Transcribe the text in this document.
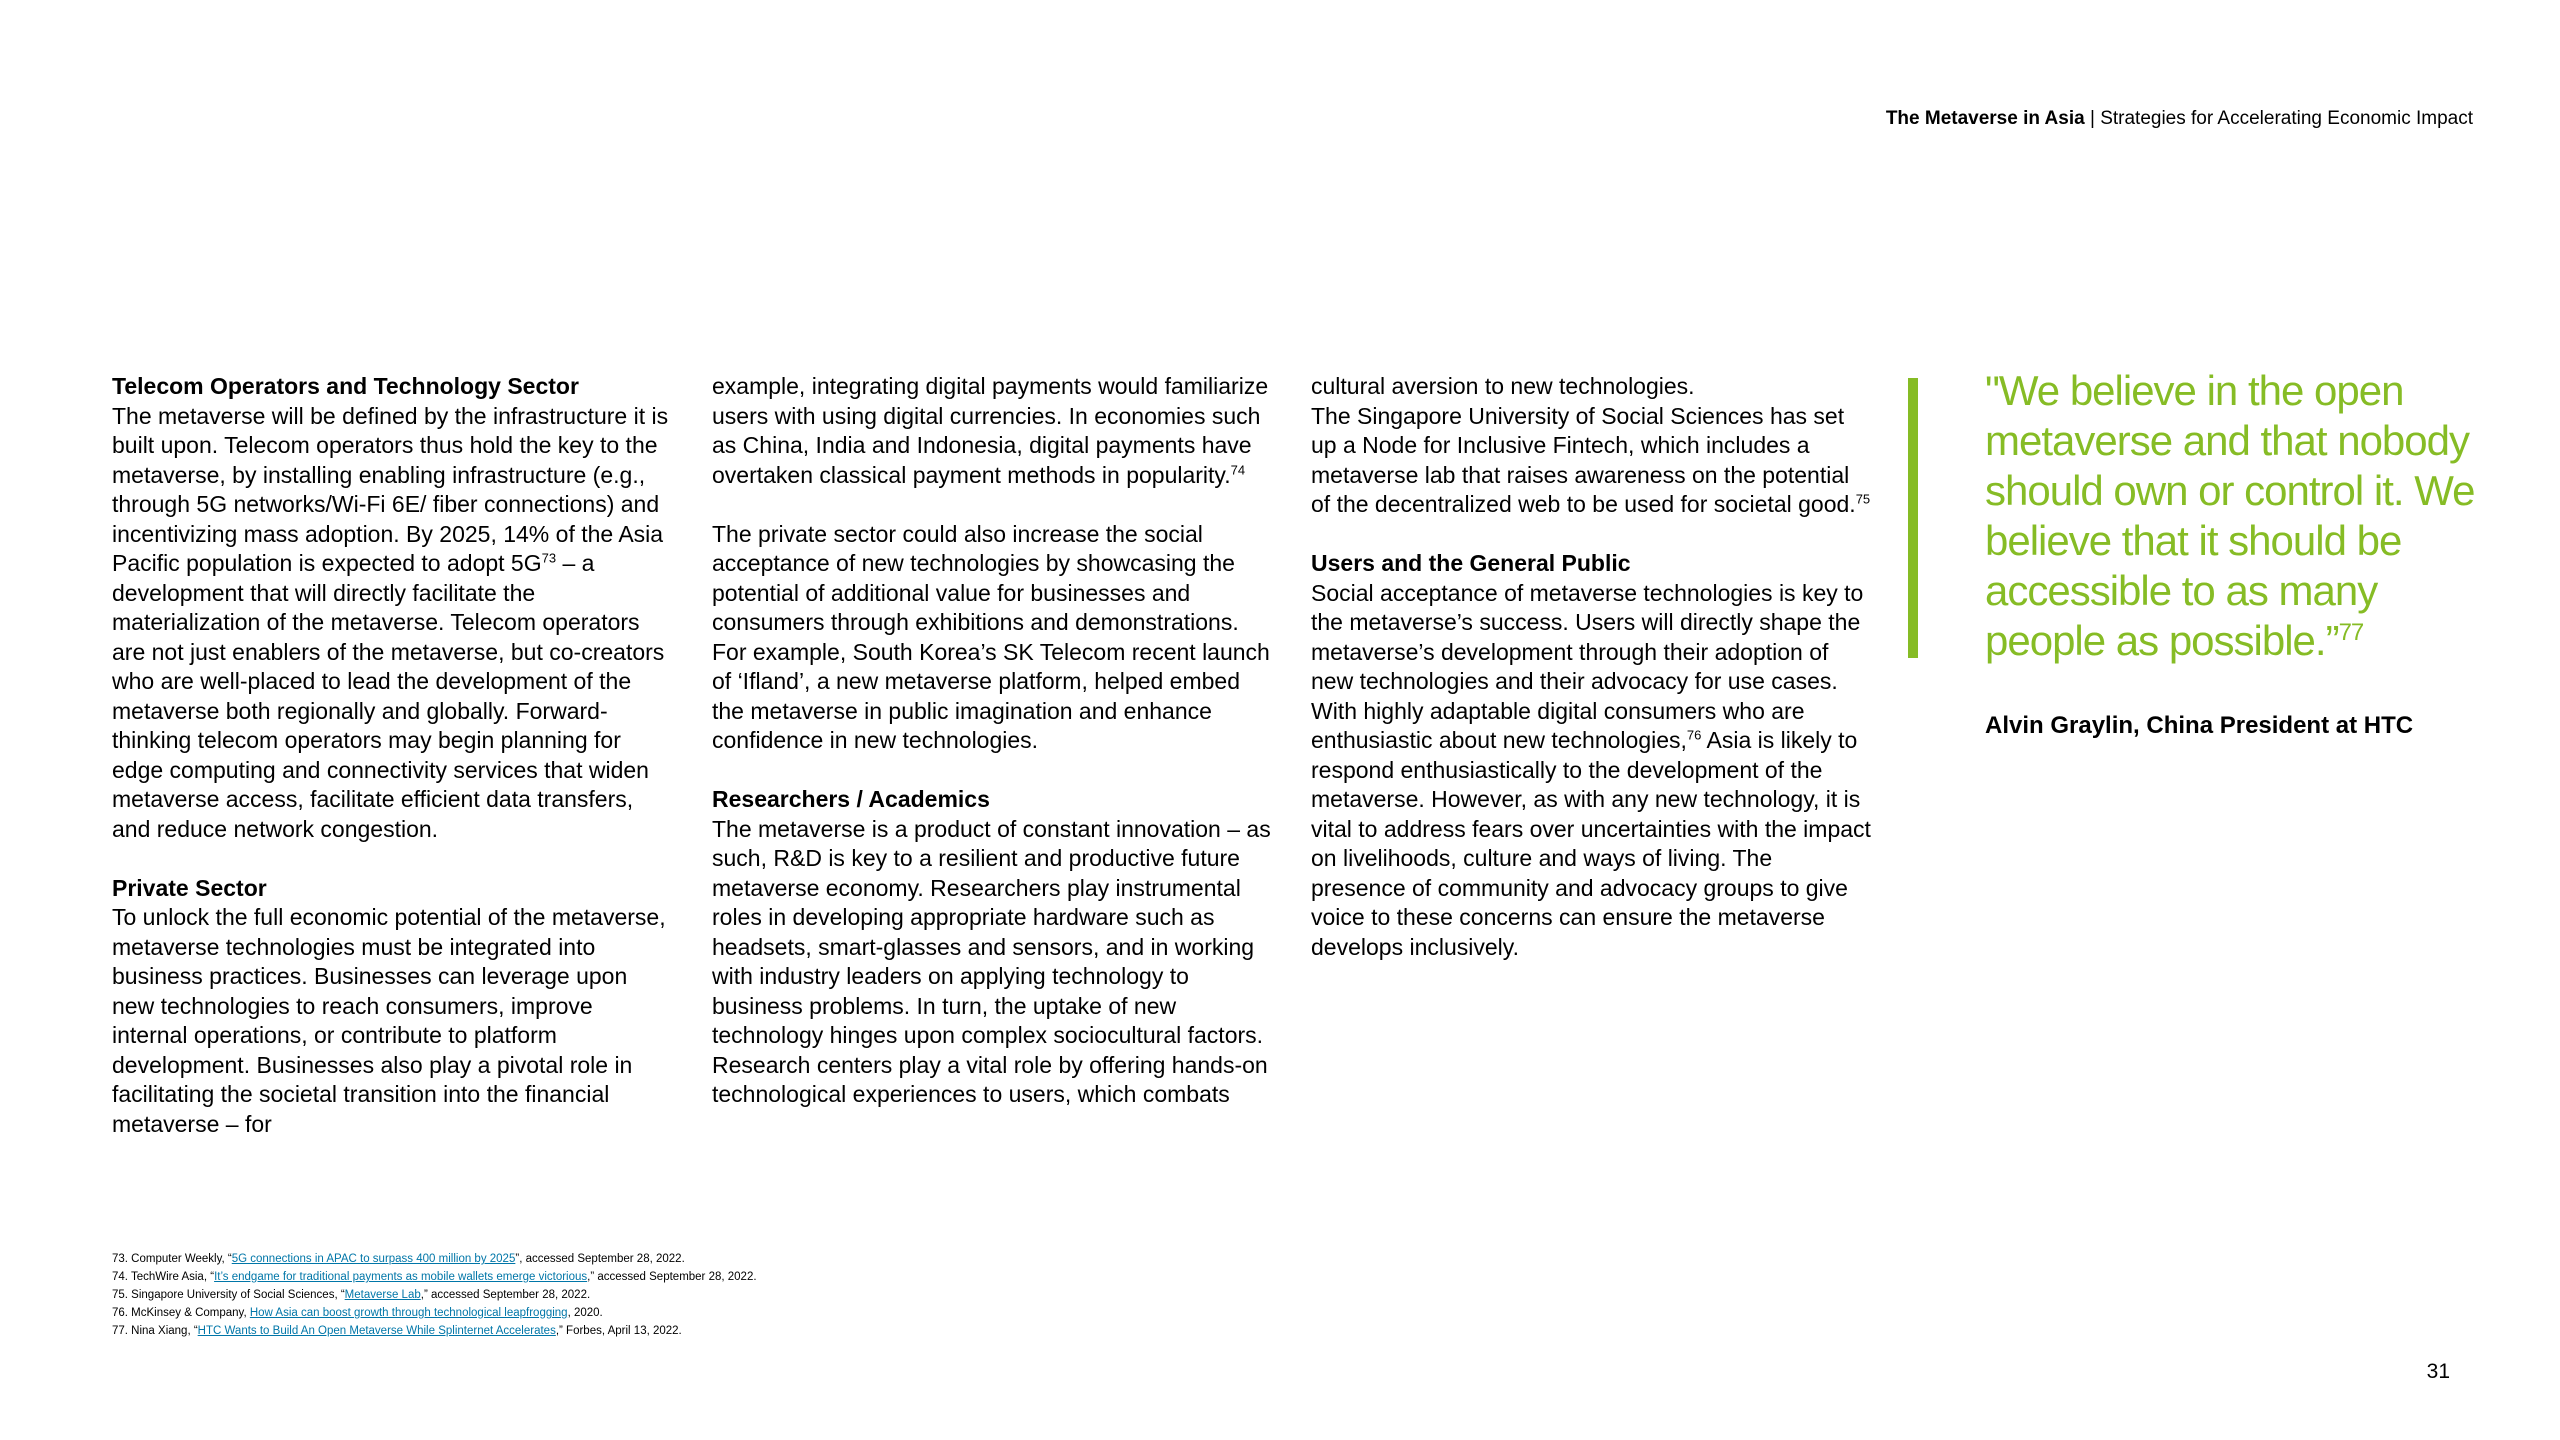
The Metaverse in Asia | Strategies for Accelerating Economic Impact
Telecom Operators and Technology Sector

The metaverse will be defined by the infrastructure it is built upon. Telecom operators thus hold the key to the metaverse, by installing enabling infrastructure (e.g., through 5G networks/Wi-Fi 6E/ fiber connections) and incentivizing mass adoption. By 2025, 14% of the Asia Pacific population is expected to adopt $5G^{73}$ – a development that will directly facilitate the materialization of the metaverse. Telecom operators are not just enablers of the metaverse, but co-creators who are well-placed to lead the development of the metaverse both regionally and globally. Forward-thinking telecom operators may begin planning for edge computing and connectivity services that widen metaverse access, facilitate efficient data transfers, and reduce network congestion.

Private Sector

To unlock the full economic potential of the metaverse, metaverse technologies must be integrated into business practices. Businesses can leverage upon new technologies to reach consumers, improve internal operations, or contribute to platform development. Businesses also play a pivotal role in facilitating the societal transition into the financial metaverse – for

example, integrating digital payments would familiarize users with using digital currencies. In economies such as China, India and Indonesia, digital payments have overtaken classical payment methods in popularity.$^{74}$

The private sector could also increase the social acceptance of new technologies by showcasing the potential of additional value for businesses and consumers through exhibitions and demonstrations. For example, South Korea’s SK Telecom recent launch of ‘Ifland’, a new metaverse platform, helped embed the metaverse in public imagination and enhance confidence in new technologies.

Researchers / Academics

The metaverse is a product of constant innovation – as such, R&D is key to a resilient and productive future metaverse economy. Researchers play instrumental roles in developing appropriate hardware such as headsets, smart-glasses and sensors, and in working with industry leaders on applying technology to business problems. In turn, the uptake of new technology hinges upon complex sociocultural factors. Research centers play a vital role by offering hands-on technological experiences to users, which combats

cultural aversion to new technologies.

The Singapore University of Social Sciences has set up a Node for Inclusive Fintech, which includes a metaverse lab that raises awareness on the potential of the decentralized web to be used for societal good.$^{75}$

Users and the General Public

Social acceptance of metaverse technologies is key to the metaverse’s success. Users will directly shape the metaverse’s development through their adoption of new technologies and their advocacy for use cases. With highly adaptable digital consumers who are enthusiastic about new technologies,$^{76}$ Asia is likely to respond enthusiastically to the development of the metaverse. However, as with any new technology, it is vital to address fears over uncertainties with the impact on livelihoods, culture and ways of living. The presence of community and advocacy groups to give voice to these concerns can ensure the metaverse develops inclusively.

"We believe in the open metaverse and that nobody should own or control it. We believe that it should be accessible to as many people as possible.”$^{77}$
Alvin Graylin, China President at HTC
73. Computer Weekly, “5G connections in APAC to surpass 400 million by 2025”, accessed September 28, 2022.
74. TechWire Asia, “It’s endgame for traditional payments as mobile wallets emerge victorious,” accessed September 28, 2022.
75. Singapore University of Social Sciences, “Metaverse Lab,” accessed September 28, 2022.
76. McKinsey & Company, How Asia can boost growth through technological leapfrogging, 2020.
77. Nina Xiang, “HTC Wants to Build An Open Metaverse While Splinternet Accelerates,” Forbes, April 13, 2022.
31
